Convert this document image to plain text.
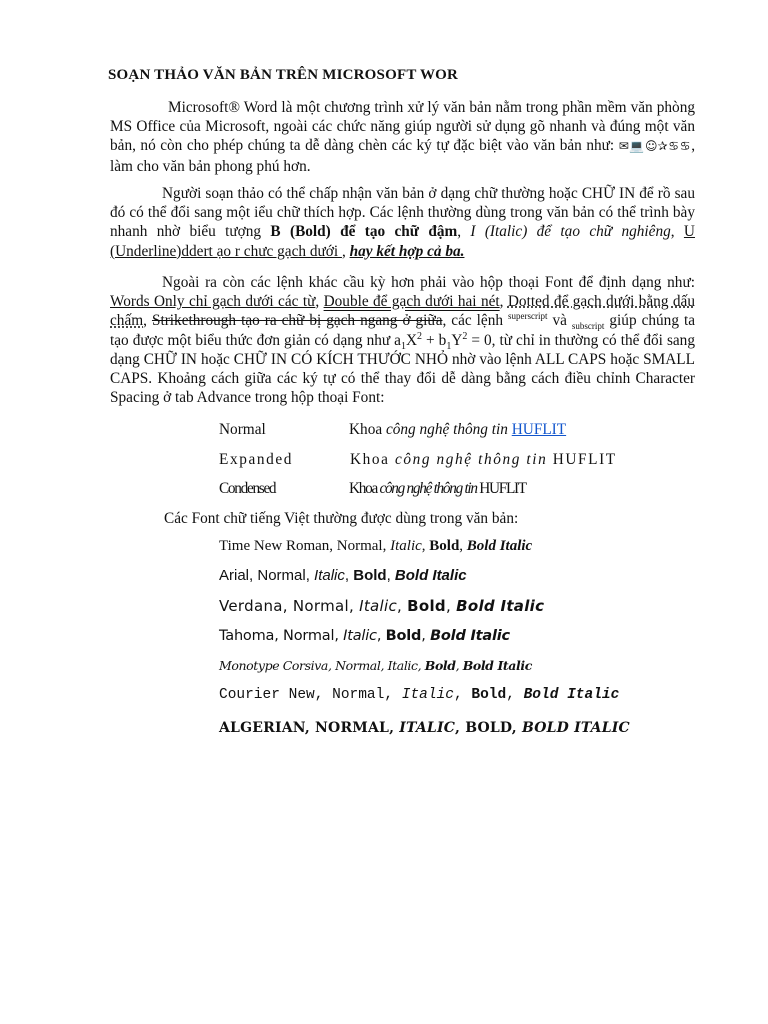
SOẠN THẢO VĂN BẢN TRÊN MICROSOFT WOR
Microsoft® Word là một chương trình xử lý văn bản nằm trong phần mềm văn phòng MS Office của Microsoft, ngoài các chức năng giúp người sử dụng gõ nhanh và đúng một văn bản, nó còn cho phép chúng ta dễ dàng chèn các ký tự đặc biệt vào văn bản như: ✉💻☺✰♋♋, làm cho văn bản phong phú hơn.
Người soạn thảo có thể chấp nhận văn bản ở dạng chữ thường hoặc CHỮ IN để rồ sau đó có thể đổi sang một iểu chữ thích hợp. Các lệnh thường dùng trong văn bản có thể trình bày nhanh nhờ biểu tượng B (Bold) để tạo chữ đậm, I (Italic) để tạo chữ nghiêng, U (Underline)ddert ạo r chưc gạch dưới , hay kết hợp cả ba.
Ngoài ra còn các lệnh khác cầu kỳ hơn phải vào hộp thoại Font để định dạng như: Words Only chỉ gạch dưới các từ, Double để gạch dưới hai nét, Dotted để gạch dưới bằng dấu chấm, Strikethrough tạo ra chữ bị gạch ngang ở giữa, các lệnh $^{superscript}$ và $_{subscript}$ giúp chúng ta tạo được một biểu thức đơn giản có dạng như $a_1X^2 + b_1Y^2 = 0$, từ chỉ in thường có thể đổi sang dạng CHỮ IN hoặc CHỮ IN CÓ KÍCH THƯỚC NHỎ nhờ vào lệnh ALL CAPS hoặc SMALL CAPS. Khoảng cách giữa các ký tự có thể thay đổi dễ dàng bằng cách điều chỉnh Character Spacing ở tab Advance trong hộp thoại Font:
Normal	Khoa công nghệ thông tin HUFLIT
Expanded	Khoa công nghệ thông tin HUFLIT
Condensed	Khoa công nghệ thông tin HUFLIT
Các Font chữ tiếng Việt thường được dùng trong văn bản:
Time New Roman, Normal, Italic, Bold, Bold Italic
Arial, Normal, Italic, Bold, Bold Italic
Verdana, Normal, Italic, Bold, Bold Italic
Tahoma, Normal, Italic, Bold, Bold Italic
Monotype Corsiva, Normal, Italic, Bold, Bold Italic
Courier New, Normal, Italic, Bold, Bold Italic
ALGERIAN, NORMAL, ITALIC, BOLD, BOLD ITALIC
